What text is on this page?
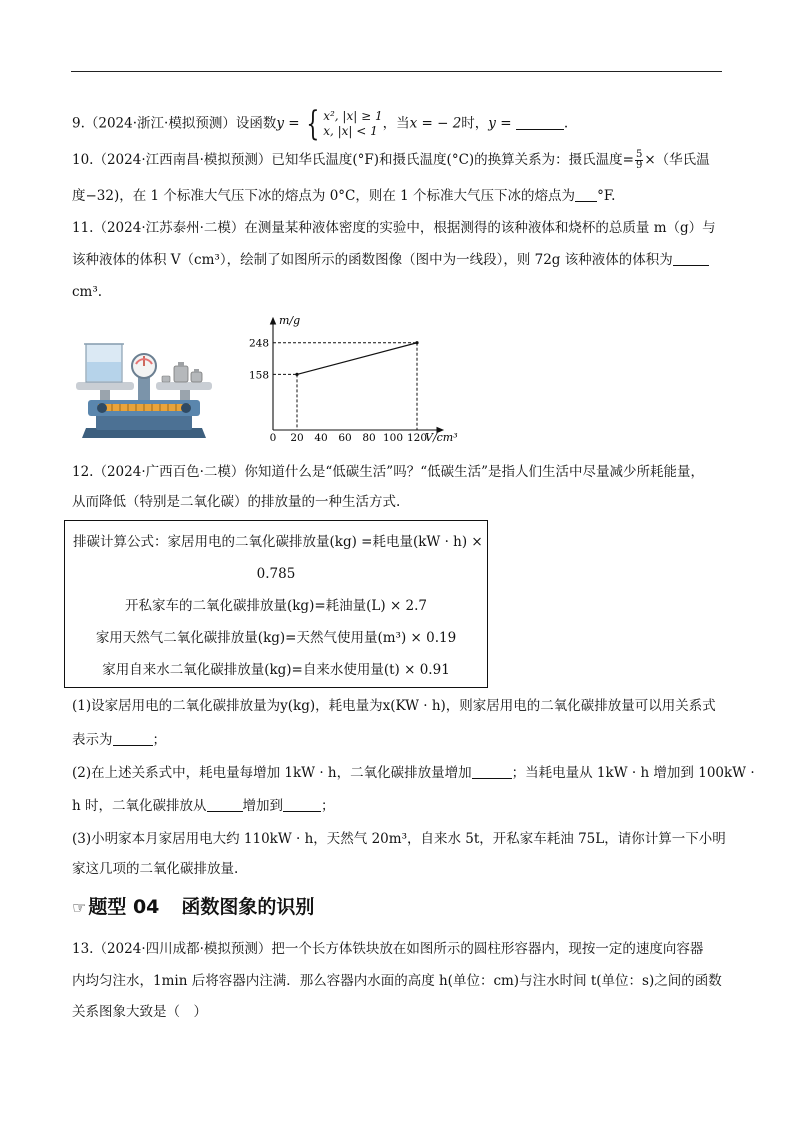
9.（2024·浙江·模拟预测）设函数y = { x², |x| ≥ 1
x, |x| < 1 ，当x = − 2时，y =	.
10.（2024·江西南昌·模拟预测）已知华氏温度(°F)和摄氏温度(°C)的换算关系为：摄氏温度= $\frac{5}{9}$ ×（华氏温
度−32)，在 1 个标准大气压下冰的熔点为 0°C，则在 1 个标准大气压下冰的熔点为 °F.
11.（2024·江苏泰州·二模）在测量某种液体密度的实验中，根据测得的该种液体和烧杯的总质量 m（g）与
该种液体的体积 V（cm³），绘制了如图所示的函数图像（图中为一线段），则 72g 该种液体的体积为
cm³.
0 20 40 60 80 100 120
158
248
m/g
V/cm³
12.（2024·广西百色·二模）你知道什么是“低碳生活”吗？“低碳生活”是指人们生活中尽量减少所耗能量，
从而降低（特别是二氧化碳）的排放量的一种生活方式.
排碳计算公式：家居用电的二氧化碳排放量(kg) =耗电量(kW · h) ×
0.785
开私家车的二氧化碳排放量(kg)=耗油量(L) × 2.7
家用天然气二氧化碳排放量(kg)=天然气使用量(m³) × 0.19
家用自来水二氧化碳排放量(kg)=自来水使用量(t) × 0.91
(1)设家居用电的二氧化碳排放量为y(kg)，耗电量为x(KW · h)，则家居用电的二氧化碳排放量可以用关系式
表示为	；
(2)在上述关系式中，耗电量每增加 1kW · h，二氧化碳排放量增加	；当耗电量从 1kW · h 增加到 100kW ·
h 时，二氧化碳排放从	增加到	；
(3)小明家本月家居用电大约 110kW · h，天然气 20m³，自来水 5t，开私家车耗油 75L，请你计算一下小明
家这几项的二氧化碳排放量.
☞ 题型 04 函数图象的识别
13.（2024·四川成都·模拟预测）把一个长方体铁块放在如图所示的圆柱形容器内，现按一定的速度向容器
内均匀注水，1min 后将容器内注满．那么容器内水面的高度 h(单位：cm)与注水时间 t(单位：s)之间的函数
关系图象大致是（　）
